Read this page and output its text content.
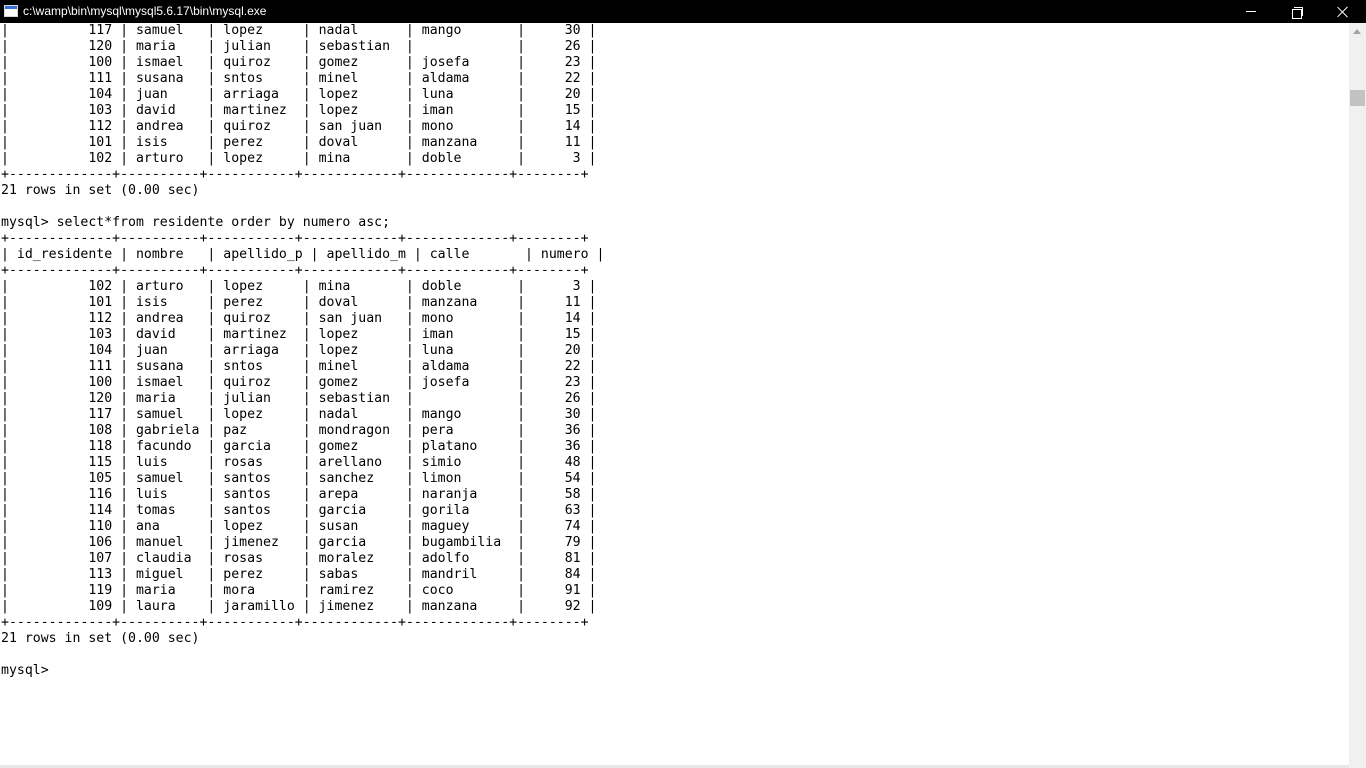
c:\wamp\bin\mysql\mysql5.6.17\bin\mysql.exe
|          117 | samuel   | lopez     | nadal      | mango       |     30 |
|          120 | maria    | julian    | sebastian  |             |     26 |
|          100 | ismael   | quiroz    | gomez      | josefa      |     23 |
|          111 | susana   | sntos     | minel      | aldama      |     22 |
|          104 | juan     | arriaga   | lopez      | luna        |     20 |
|          103 | david    | martinez  | lopez      | iman        |     15 |
|          112 | andrea   | quiroz    | san juan   | mono        |     14 |
|          101 | isis     | perez     | doval      | manzana     |     11 |
|          102 | arturo   | lopez     | mina       | doble       |      3 |
+-------------+----------+-----------+------------+-------------+--------+
21 rows in set (0.00 sec)
mysql> select*from residente order by numero asc;
+-------------+----------+-----------+------------+-------------+--------+
| id_residente | nombre   | apellido_p | apellido_m | calle       | numero |
+-------------+----------+-----------+------------+-------------+--------+
|          102 | arturo   | lopez     | mina       | doble       |      3 |
|          101 | isis     | perez     | doval      | manzana     |     11 |
|          112 | andrea   | quiroz    | san juan   | mono        |     14 |
|          103 | david    | martinez  | lopez      | iman        |     15 |
|          104 | juan     | arriaga   | lopez      | luna        |     20 |
|          111 | susana   | sntos     | minel      | aldama      |     22 |
|          100 | ismael   | quiroz    | gomez      | josefa      |     23 |
|          120 | maria    | julian    | sebastian  |             |     26 |
|          117 | samuel   | lopez     | nadal      | mango       |     30 |
|          108 | gabriela | paz       | mondragon  | pera        |     36 |
|          118 | facundo  | garcia    | gomez      | platano     |     36 |
|          115 | luis     | rosas     | arellano   | simio       |     48 |
|          105 | samuel   | santos    | sanchez    | limon       |     54 |
|          116 | luis     | santos    | arepa      | naranja     |     58 |
|          114 | tomas    | santos    | garcia     | gorila      |     63 |
|          110 | ana      | lopez     | susan      | maguey      |     74 |
|          106 | manuel   | jimenez   | garcia     | bugambilia  |     79 |
|          107 | claudia  | rosas     | moralez    | adolfo      |     81 |
|          113 | miguel   | perez     | sabas      | mandril     |     84 |
|          119 | maria    | mora      | ramirez    | coco        |     91 |
|          109 | laura    | jaramillo | jimenez    | manzana     |     92 |
+-------------+----------+-----------+------------+-------------+--------+
21 rows in set (0.00 sec)
mysql>
